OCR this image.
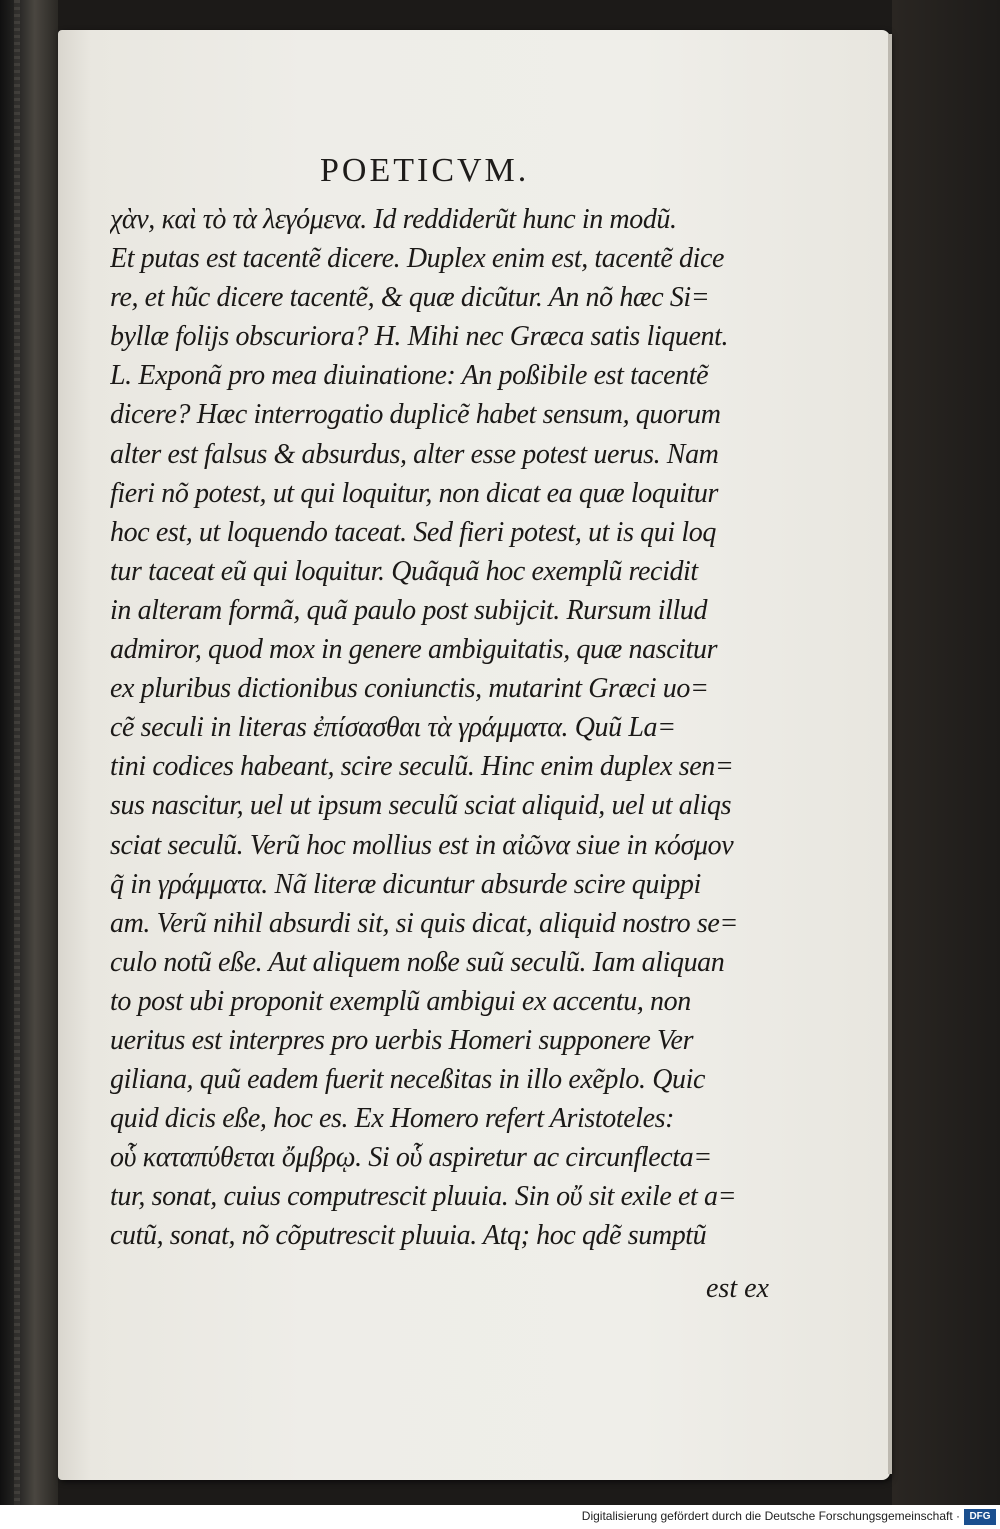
POETICVM.
χὰν, καὶ τὸ τὰ λεγόμενα. Id reddiderũt hunc in modũ.
Et putas est tacentẽ dicere. Duplex enim est, tacentẽ dice
re, et hũc dicere tacentẽ, & quæ dicũtur. An nõ hæc Si=
byllæ folijs obscuriora? H. Mihi nec Græca satis liquent.
L. Exponã pro mea diuinatione: An poßibile est tacentẽ
dicere? Hæc interrogatio duplicẽ habet sensum, quorum
alter est falsus & absurdus, alter esse potest uerus. Nam
fieri nõ potest, ut qui loquitur, non dicat ea quæ loquitur
hoc est, ut loquendo taceat. Sed fieri potest, ut is qui loq
tur taceat eũ qui loquitur. Quãquã hoc exemplũ recidit
in alteram formã, quã paulo post subijcit. Rursum illud
admiror, quod mox in genere ambiguitatis, quæ nascitur
ex pluribus dictionibus coniunctis, mutarint Græci uo=
cẽ seculi in literas ἐπίσασθαι τὰ γράμματα. Quũ La=
tini codices habeant, scire seculũ. Hinc enim duplex sen=
sus nascitur, uel ut ipsum seculũ sciat aliquid, uel ut aliqs
sciat seculũ. Verũ hoc mollius est in αἰῶνα siue in κόσμον
q̃ in γράμματα. Nã literæ dicuntur absurde scire quippi
am. Verũ nihil absurdi sit, si quis dicat, aliquid nostro se=
culo notũ eße. Aut aliquem noße suũ seculũ. Iam aliquan
to post ubi proponit exemplũ ambigui ex accentu, non
ueritus est interpres pro uerbis Homeri supponere Ver
giliana, quũ eadem fuerit neceßitas in illo exẽplo. Quic
quid dicis eße, hoc es. Ex Homero refert Aristoteles:
οὗ καταπύθεται ὄμβρῳ. Si οὗ aspiretur ac circunflecta=
tur, sonat, cuius computrescit pluuia. Sin οὔ sit exile et a=
cutũ, sonat, nõ cõputrescit pluuia. Atq; hoc qdẽ sumptũ
est ex
Digitalisierung gefördert durch die Deutsche Forschungsgemeinschaft · DFG
